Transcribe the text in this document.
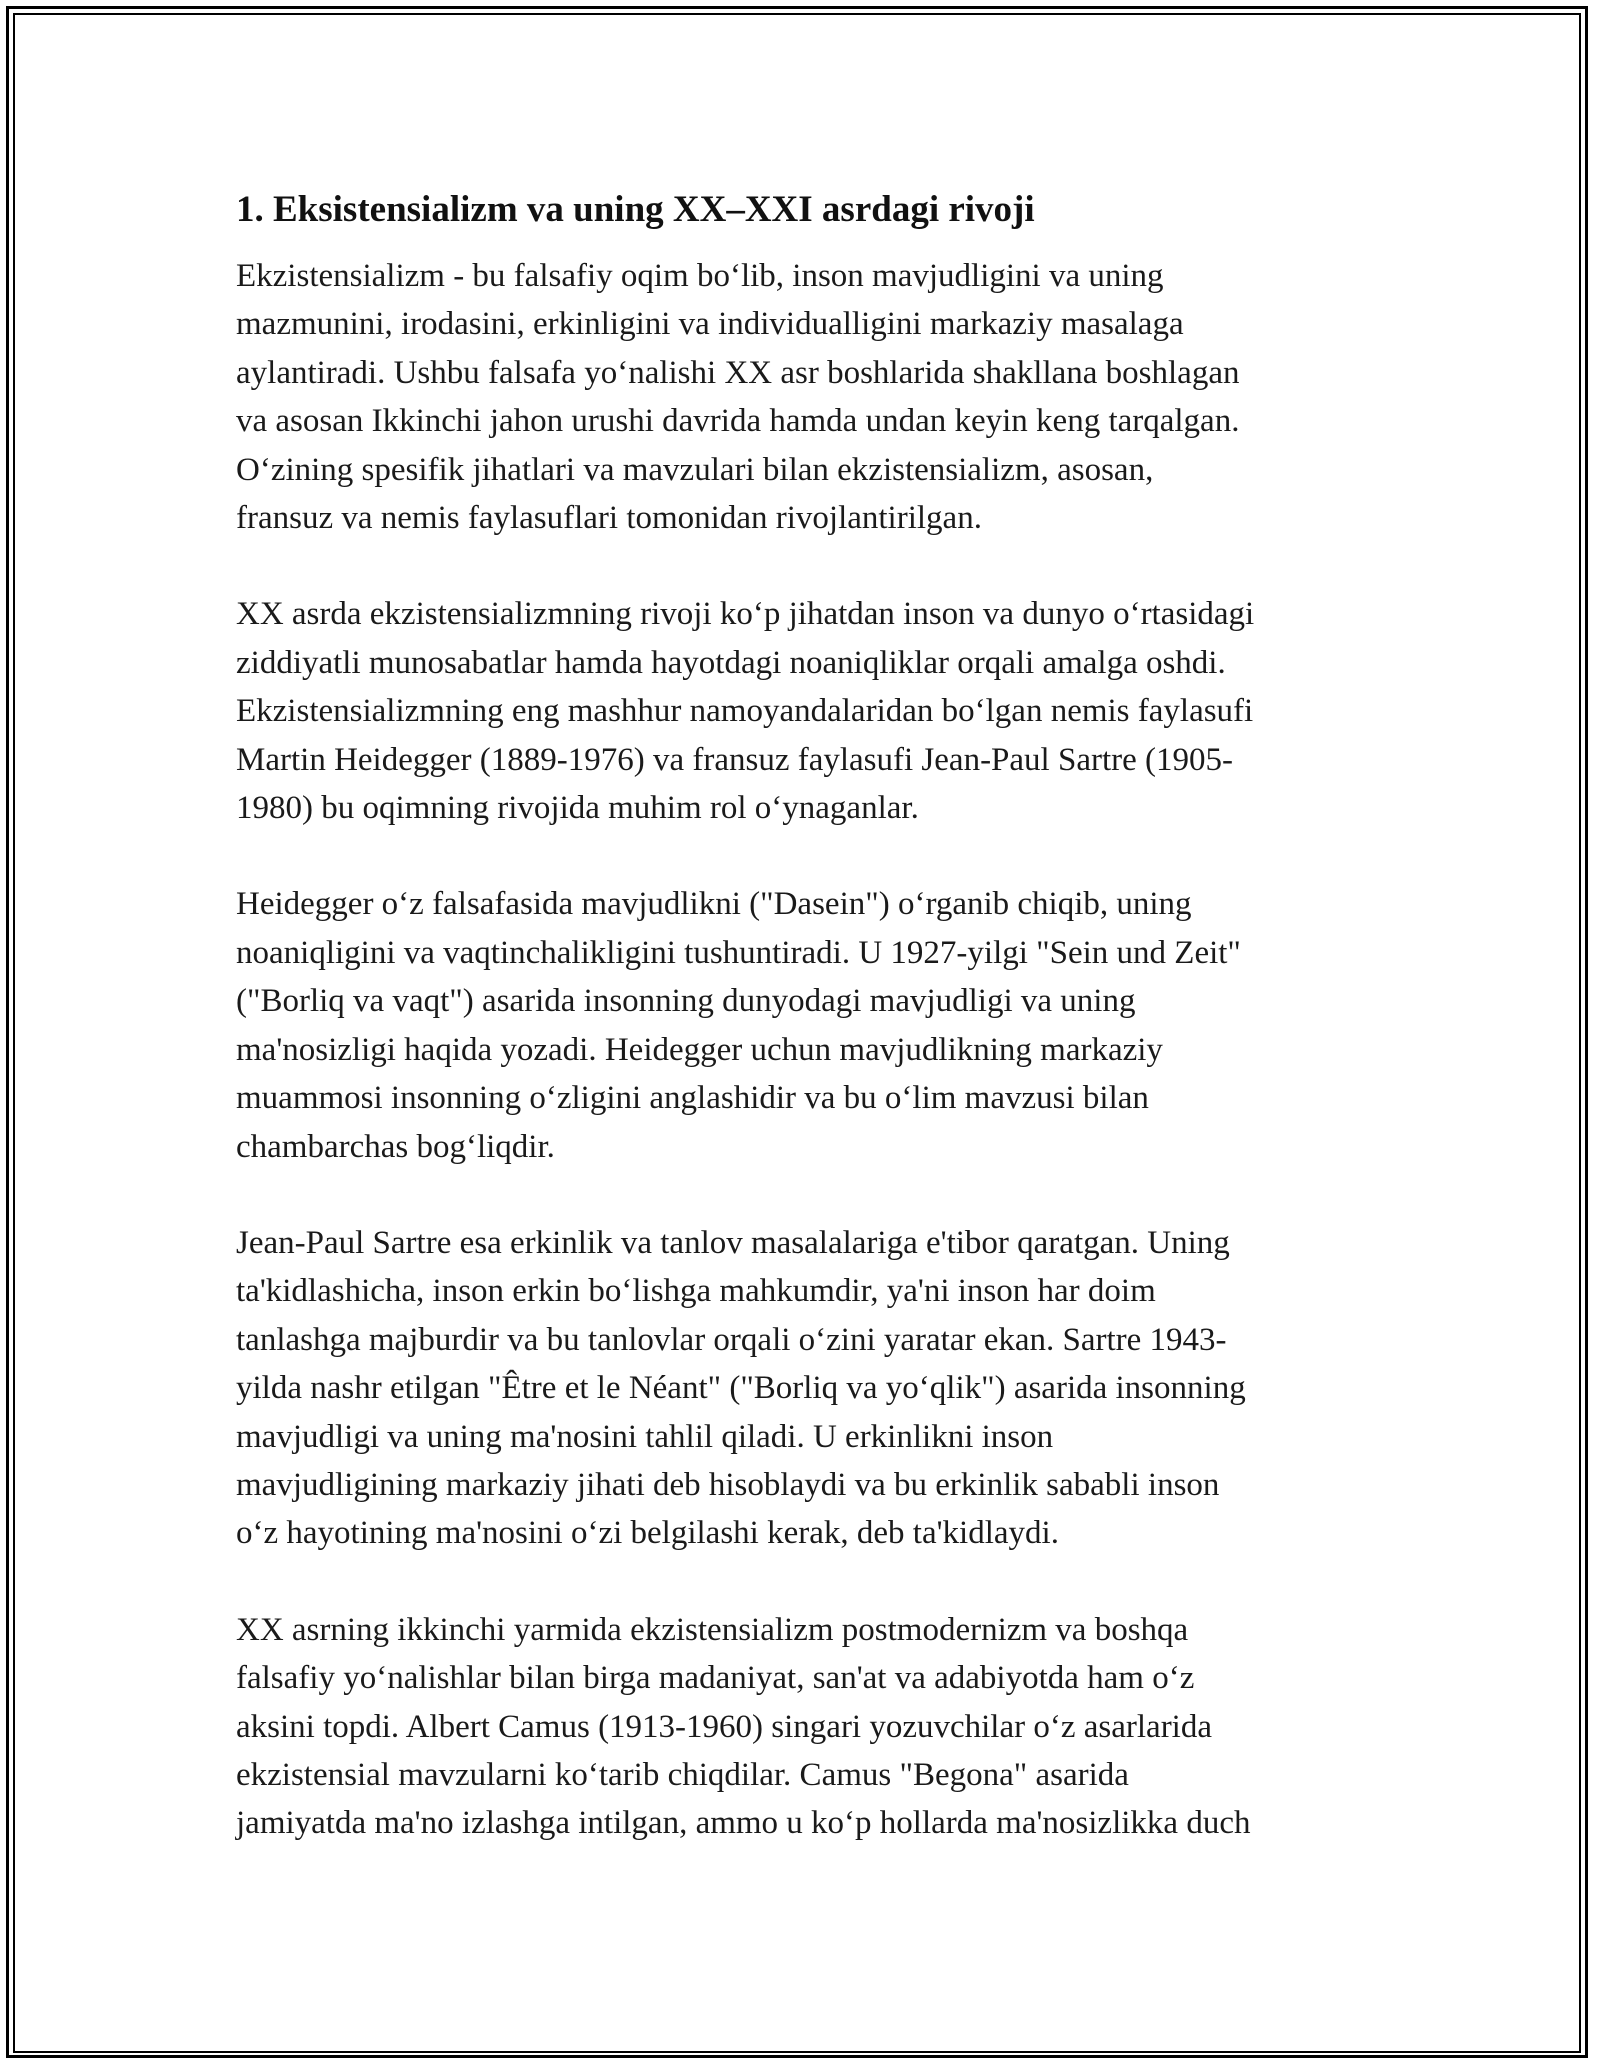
1. Eksistensializm va uning XX–XXI asrdagi rivoji

Ekzistensializm - bu falsafiy oqim bo‘lib, inson mavjudligini va uning
mazmunini, irodasini, erkinligini va individualligini markaziy masalaga
aylantiradi. Ushbu falsafa yo‘nalishi XX asr boshlarida shakllana boshlagan
va asosan Ikkinchi jahon urushi davrida hamda undan keyin keng tarqalgan.
O‘zining spesifik jihatlari va mavzulari bilan ekzistensializm, asosan,
fransuz va nemis faylasuflari tomonidan rivojlantirilgan.

XX asrda ekzistensializmning rivoji ko‘p jihatdan inson va dunyo o‘rtasidagi
ziddiyatli munosabatlar hamda hayotdagi noaniqliklar orqali amalga oshdi.
Ekzistensializmning eng mashhur namoyandalaridan bo‘lgan nemis faylasufi
Martin Heidegger (1889-1976) va fransuz faylasufi Jean-Paul Sartre (1905-
1980) bu oqimning rivojida muhim rol o‘ynaganlar.

Heidegger o‘z falsafasida mavjudlikni ("Dasein") o‘rganib chiqib, uning
noaniqligini va vaqtinchalikligini tushuntiradi. U 1927-yilgi "Sein und Zeit"
("Borliq va vaqt") asarida insonning dunyodagi mavjudligi va uning
ma'nosizligi haqida yozadi. Heidegger uchun mavjudlikning markaziy
muammosi insonning o‘zligini anglashidir va bu o‘lim mavzusi bilan
chambarchas bog‘liqdir.

Jean-Paul Sartre esa erkinlik va tanlov masalalariga e'tibor qaratgan. Uning
ta'kidlashicha, inson erkin bo‘lishga mahkumdir, ya'ni inson har doim
tanlashga majburdir va bu tanlovlar orqali o‘zini yaratar ekan. Sartre 1943-
yilda nashr etilgan "Être et le Néant" ("Borliq va yo‘qlik") asarida insonning
mavjudligi va uning ma'nosini tahlil qiladi. U erkinlikni inson
mavjudligining markaziy jihati deb hisoblaydi va bu erkinlik sababli inson
o‘z hayotining ma'nosini o‘zi belgilashi kerak, deb ta'kidlaydi.

XX asrning ikkinchi yarmida ekzistensializm postmodernizm va boshqa
falsafiy yo‘nalishlar bilan birga madaniyat, san'at va adabiyotda ham o‘z
aksini topdi. Albert Camus (1913-1960) singari yozuvchilar o‘z asarlarida
ekzistensial mavzularni ko‘tarib chiqdilar. Camus "Begona" asarida
jamiyatda ma'no izlashga intilgan, ammo u ko‘p hollarda ma'nosizlikka duch
